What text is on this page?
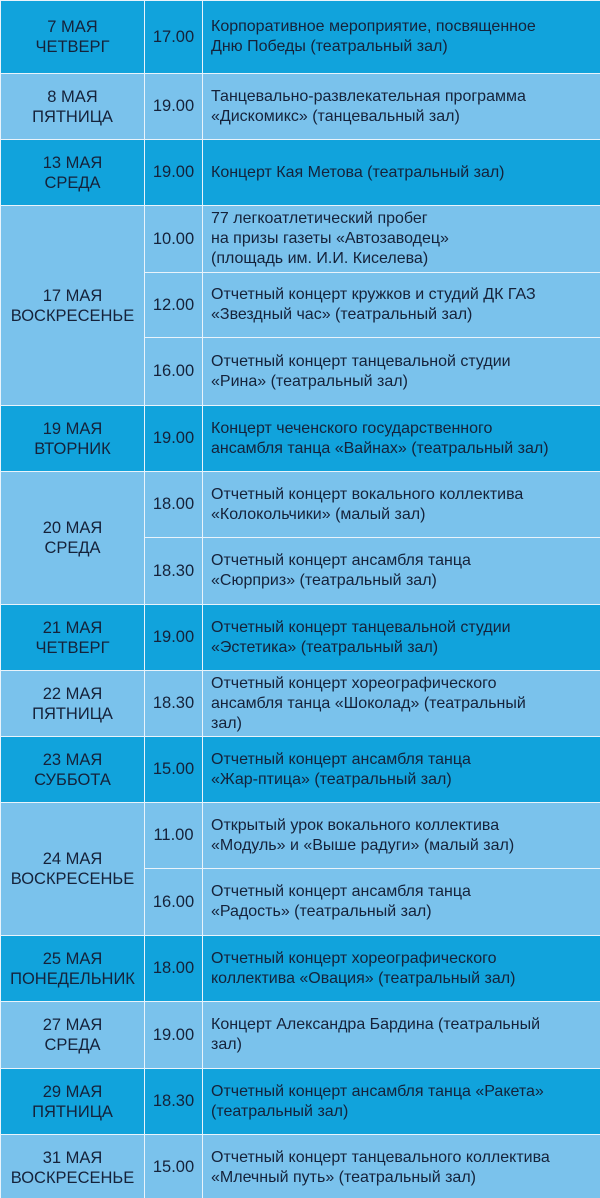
7 МАЯ
ЧЕТВЕРГ	17.00	Корпоративное мероприятие, посвященное
Дню Победы (театральный зал)

8 МАЯ
ПЯТНИЦА	19.00	Танцевально-развлекательная программа
«Дискомикс» (танцевальный зал)

13 МАЯ
СРЕДА	19.00	Концерт Кая Метова (театральный зал)

17 МАЯ
ВОСКРЕСЕНЬЕ	10.00	77 легкоатлетический пробег
на призы газеты «Автозаводец»
(площадь им. И.И. Киселева)

	12.00	Отчетный концерт кружков и студий ДК ГАЗ
«Звездный час» (театральный зал)

	16.00	Отчетный концерт танцевальной студии
«Рина» (театральный зал)

19 МАЯ
ВТОРНИК	19.00	Концерт чеченского государственного
ансамбля танца «Вайнах» (театральный зал)

20 МАЯ
СРЕДА	18.00	Отчетный концерт вокального коллектива
«Колокольчики» (малый зал)

	18.30	Отчетный концерт ансамбля танца
«Сюрприз» (театральный зал)

21 МАЯ
ЧЕТВЕРГ	19.00	Отчетный концерт танцевальной студии
«Эстетика» (театральный зал)

22 МАЯ
ПЯТНИЦА	18.30	Отчетный концерт хореографического
ансамбля танца «Шоколад» (театральный
зал)

23 МАЯ
СУББОТА	15.00	Отчетный концерт ансамбля танца
«Жар-птица» (театральный зал)

24 МАЯ
ВОСКРЕСЕНЬЕ	11.00	Открытый урок вокального коллектива
«Модуль» и «Выше радуги» (малый зал)

	16.00	Отчетный концерт ансамбля танца
«Радость» (театральный зал)

25 МАЯ
ПОНЕДЕЛЬНИК	18.00	Отчетный концерт хореографического
коллектива «Овация» (театральный зал)

27 МАЯ
СРЕДА	19.00	Концерт Александра Бардина (театральный
зал)

29 МАЯ
ПЯТНИЦА	18.30	Отчетный концерт ансамбля танца «Ракета»
(театральный зал)

31 МАЯ
ВОСКРЕСЕНЬЕ	15.00	Отчетный концерт танцевального коллектива
«Млечный путь» (театральный зал)
